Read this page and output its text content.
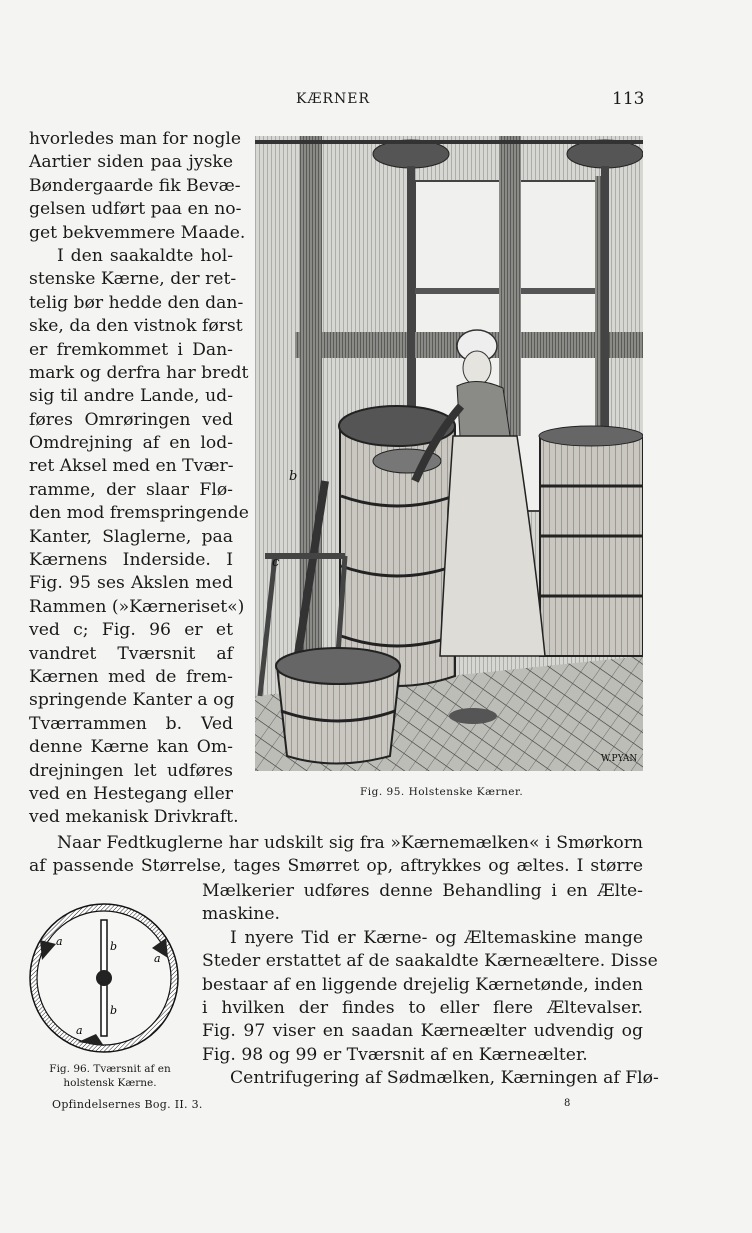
KÆRNER	113
hvorledes man for nogle
Aartier siden paa jyske
Bøndergaarde fik Bevæ-
gelsen udført paa en no-
get bekvemmere Maade.
I den saakaldte hol-
stenske Kærne, der ret-
telig bør hedde den dan-
ske, da den vistnok først
er fremkommet i Dan-
mark og derfra har bredt
sig til andre Lande, ud-
føres Omrøringen ved
Omdrejning af en lod-
ret Aksel med en Tvær-
ramme, der slaar Flø-
den mod fremspringende
Kanter, Slaglerne, paa
Kærnens Inderside. I
Fig. 95 ses Akslen med
Rammen (»Kærneriset«)
ved c; Fig. 96 er et
vandret Tværsnit af
Kærnen med de frem-
springende Kanter a og
Tværrammen b. Ved
denne Kærne kan Om-
drejningen let udføres
ved en Hestegang eller
ved mekanisk Drivkraft.
b
c
W.PYAN
Fig. 95. Holstenske Kærner.
Naar Fedtkuglerne har udskilt sig fra »Kærnemælken« i Smørkorn
af passende Størrelse, tages Smørret op, aftrykkes og æltes. I større
Mælkerier udføres denne Behandling i en Ælte-
maskine.
I nyere Tid er Kærne- og Æltemaskine mange
Steder erstattet af de saakaldte Kærneæltere. Disse
bestaar af en liggende drejelig Kærnetønde, inden
i hvilken der findes to eller flere Æltevalser.
Fig. 97 viser en saadan Kærneælter udvendig og
Fig. 98 og 99 er Tværsnit af en Kærneælter.
Centrifugering af Sødmælken, Kærningen af Flø-
a	b
a
b
a
Fig. 96. Tværsnit af en
holstensk Kærne.
Opfindelsernes Bog. II. 3.	8
